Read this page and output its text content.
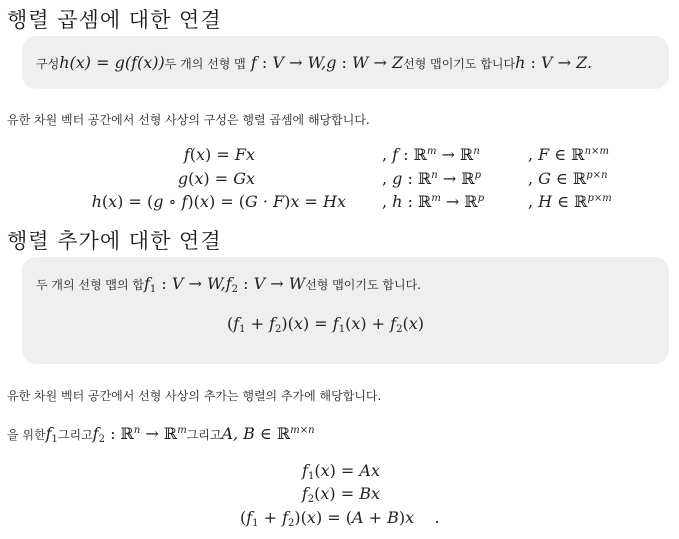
행렬 곱셈에 대한 연결
구성h(x) = g(f(x))두 개의 선형 맵 f : V → W,g : W → Z선형 맵이기도 합니다h : V → Z.
유한 차원 벡터 공간에서 선형 사상의 구성은 행렬 곱셈에 해당합니다.
f(x) = Fx	, f : ℝ$^m$ → ℝ$^n$	, F ∈ ℝ$^{n\times m}$
g(x) = Gx	, g : ℝ$^n$ → ℝ$^p$	, G ∈ ℝ$^{p\times n}$
h(x) = (g ∘ f)(x) = (G · F)x = Hx , h : ℝ$^m$ → ℝ$^p$	, H ∈ ℝ$^{p\times m}$
행렬 추가에 대한 연결
두 개의 선형 맵의 합$f_1$ : $V \to W,f_2$ : V → W선형 맵이기도 합니다.
$(f_1 + f_2)(x) = f_1(x) + f_2(x)$
유한 차원 벡터 공간에서 선형 사상의 추가는 행렬의 추가에 해당합니다.
을 위한$f_1$그리고$f_2$ : ℝ$^n$ → ℝ$^m$그리고A, B ∈ ℝ$^{m\times n}$
$f_1(x) = Ax$
$f_2(x) = Bx$
$(f_1 + f_2)(x) = (A + B)x$    .
